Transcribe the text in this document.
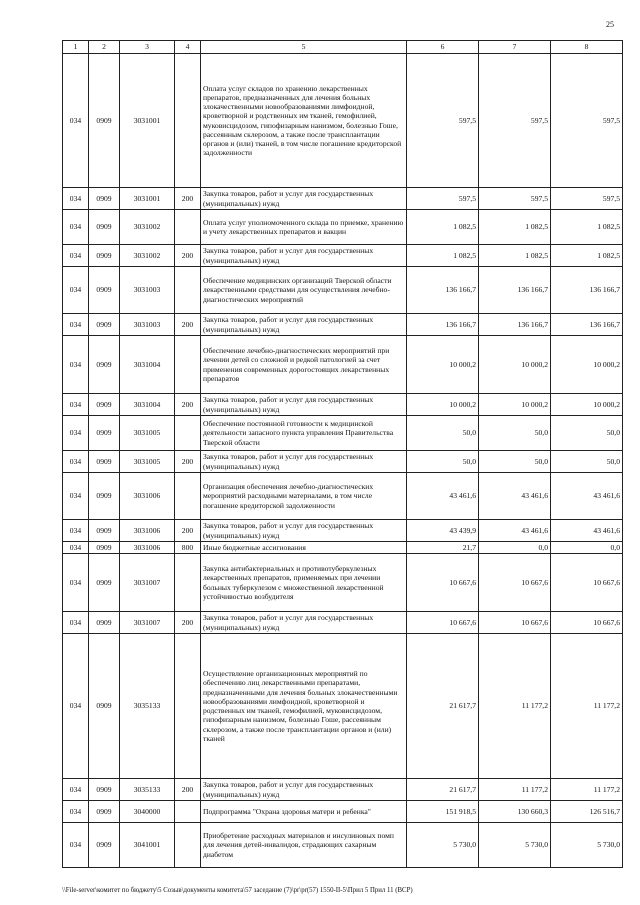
25
1	2	3	4	5	6	7	8
034	0909	3031001		Оплата услуг складов по хранению лекарственных препаратов, предназначенных для лечения больных злокачественными новообразованиями лимфоидной, кроветворной и родственных им тканей, гемофилией, муковисцидозом, гипофизарным нанизмом, болезнью Гоше, рассеянным склерозом, а также после трансплантации органов и (или) тканей, в том числе погашение кредиторской задолженности	597,5	597,5	597,5
034	0909	3031001	200	Закупка товаров, работ и услуг для государственных (муниципальных) нужд	597,5	597,5	597,5
034	0909	3031002		Оплата услуг уполномоченного склада по приемке, хранению и учету лекарственных препаратов и вакцин	1 082,5	1 082,5	1 082,5
034	0909	3031002	200	Закупка товаров, работ и услуг для государственных (муниципальных) нужд	1 082,5	1 082,5	1 082,5
034	0909	3031003		Обеспечение медицинских организаций Тверской области лекарственными средствами для осуществления лечебно-диагностических мероприятий	136 166,7	136 166,7	136 166,7
034	0909	3031003	200	Закупка товаров, работ и услуг для государственных (муниципальных) нужд	136 166,7	136 166,7	136 166,7
034	0909	3031004		Обеспечение лечебно-диагностических мероприятий при лечении детей со сложной и редкой патологией за счет применения современных дорогостоящих лекарственных препаратов	10 000,2	10 000,2	10 000,2
034	0909	3031004	200	Закупка товаров, работ и услуг для государственных (муниципальных) нужд	10 000,2	10 000,2	10 000,2
034	0909	3031005		Обеспечение постоянной готовности к медицинской деятельности запасного пункта управления Правительства Тверской области	50,0	50,0	50,0
034	0909	3031005	200	Закупка товаров, работ и услуг для государственных (муниципальных) нужд	50,0	50,0	50,0
034	0909	3031006		Организация обеспечения лечебно-диагностических мероприятий расходными материалами, в том числе погашение кредиторской задолженности	43 461,6	43 461,6	43 461,6
034	0909	3031006	200	Закупка товаров, работ и услуг для государственных (муниципальных) нужд	43 439,9	43 461,6	43 461,6
034	0909	3031006	800	Иные бюджетные ассигнования	21,7	0,0	0,0
034	0909	3031007		Закупка антибактериальных и противотуберкулезных лекарственных препаратов, применяемых при лечении больных туберкулезом с множественной лекарственной устойчивостью возбудителя	10 667,6	10 667,6	10 667,6
034	0909	3031007	200	Закупка товаров, работ и услуг для государственных (муниципальных) нужд	10 667,6	10 667,6	10 667,6
034	0909	3035133		Осуществление организационных мероприятий по обеспечению лиц лекарственными препаратами, предназначенными для лечения больных злокачественными новообразованиями лимфоидной, кроветворной и родственных им тканей, гемофилией, муковисцидозом, гипофизарным нанизмом, болезнью Гоше, рассеянным склерозом, а также после трансплантации органов и (или) тканей	21 617,7	11 177,2	11 177,2
034	0909	3035133	200	Закупка товаров, работ и услуг для государственных (муниципальных) нужд	21 617,7	11 177,2	11 177,2
034	0909	3040000		Подпрограмма "Охрана здоровья матери и ребенка"	151 918,5	130 660,3	126 516,7
034	0909	3041001		Приобретение расходных материалов и инсулиновых помп для лечения детей-инвалидов, страдающих сахарным диабетом	5 730,0	5 730,0	5 730,0
\\File-server\комитет по бюджету\5 Созыв\документы комитета\57 заседание (7)\pr\pr(57) 1550-II-5\Прил 5 Прил 11 (ВСР)
